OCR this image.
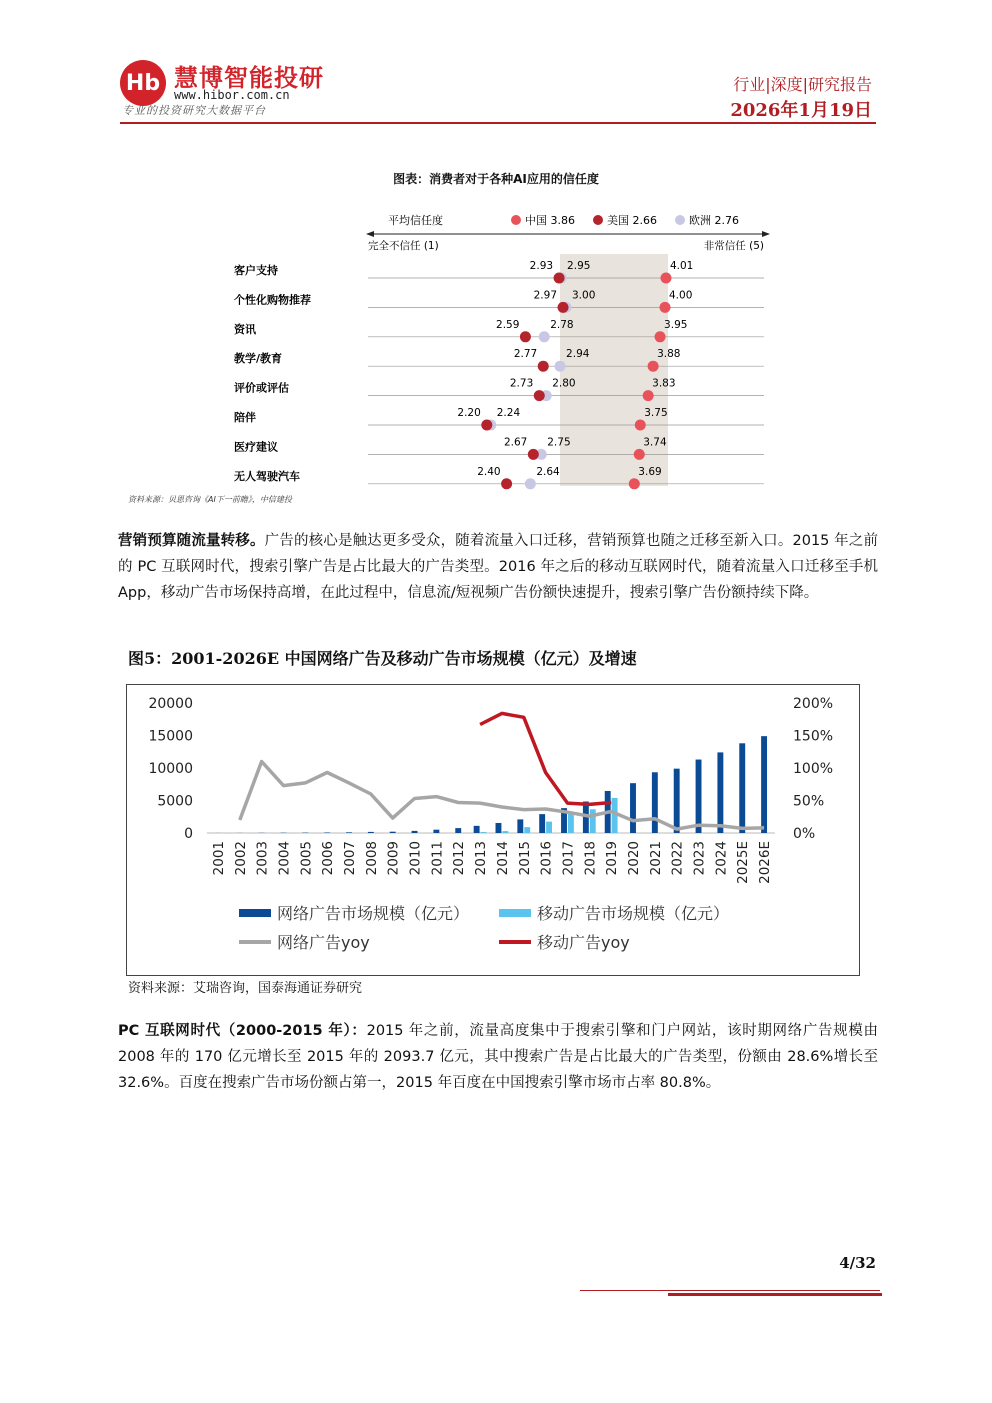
Hb 慧博智能投研
www.hibor.com.cn
专业的投资研究大数据平台
行业|深度|研究报告
2026年1月19日
图表：消费者对于各种AI应用的信任度
平均信任度	中国 3.86	美国 2.66	欧洲 2.76
完全不信任 (1)	非常信任 (5)
客户支持	2.93 2.95	4.01
个性化购物推荐	2.97 3.00	4.00
资讯	2.59	2.78	3.95
教学/教育	2.77	2.94	3.88
评价或评估	2.73 2.80	3.83
陪伴	2.20 2.24	3.75
医疗建议	2.67 2.75	3.74
无人驾驶汽车	2.40	2.64	3.69
资料来源：贝恩咨询《AI下一前瞻》，中信建投
营销预算随流量转移。广告的核心是触达更多受众，随着流量入口迁移，营销预算也随之迁移至新入口。2015 年之前的 PC 互联网时代，搜索引擎广告是占比最大的广告类型。2016 年之后的移动互联网时代，随着流量入口迁移至手机 App，移动广告市场保持高增，在此过程中，信息流/短视频广告份额快速提升，搜索引擎广告份额持续下降。
图5：2001-2026E 中国网络广告及移动广告市场规模（亿元）及增速
0
5000
10000
15000
20000
0%
50%
100%
150%
200%
2001 2002 2003 2004 2005 2006 2007 2008 2009 2010 2011 2012 2013 2014 2015 2016 2017 2018 2019 2020 2021 2022 2023 2024 2025E 2026E
网络广告市场规模（亿元）	移动广告市场规模（亿元）
网络广告yoy	移动广告yoy
资料来源：艾瑞咨询，国泰海通证券研究
PC 互联网时代（2000-2015 年）：2015 年之前，流量高度集中于搜索引擎和门户网站，该时期网络广告规模由 2008 年的 170 亿元增长至 2015 年的 2093.7 亿元，其中搜索广告是占比最大的广告类型，份额由 28.6%增长至 32.6%。百度在搜索广告市场份额占第一，2015 年百度在中国搜索引擎市场市占率 80.8%。
4/32
